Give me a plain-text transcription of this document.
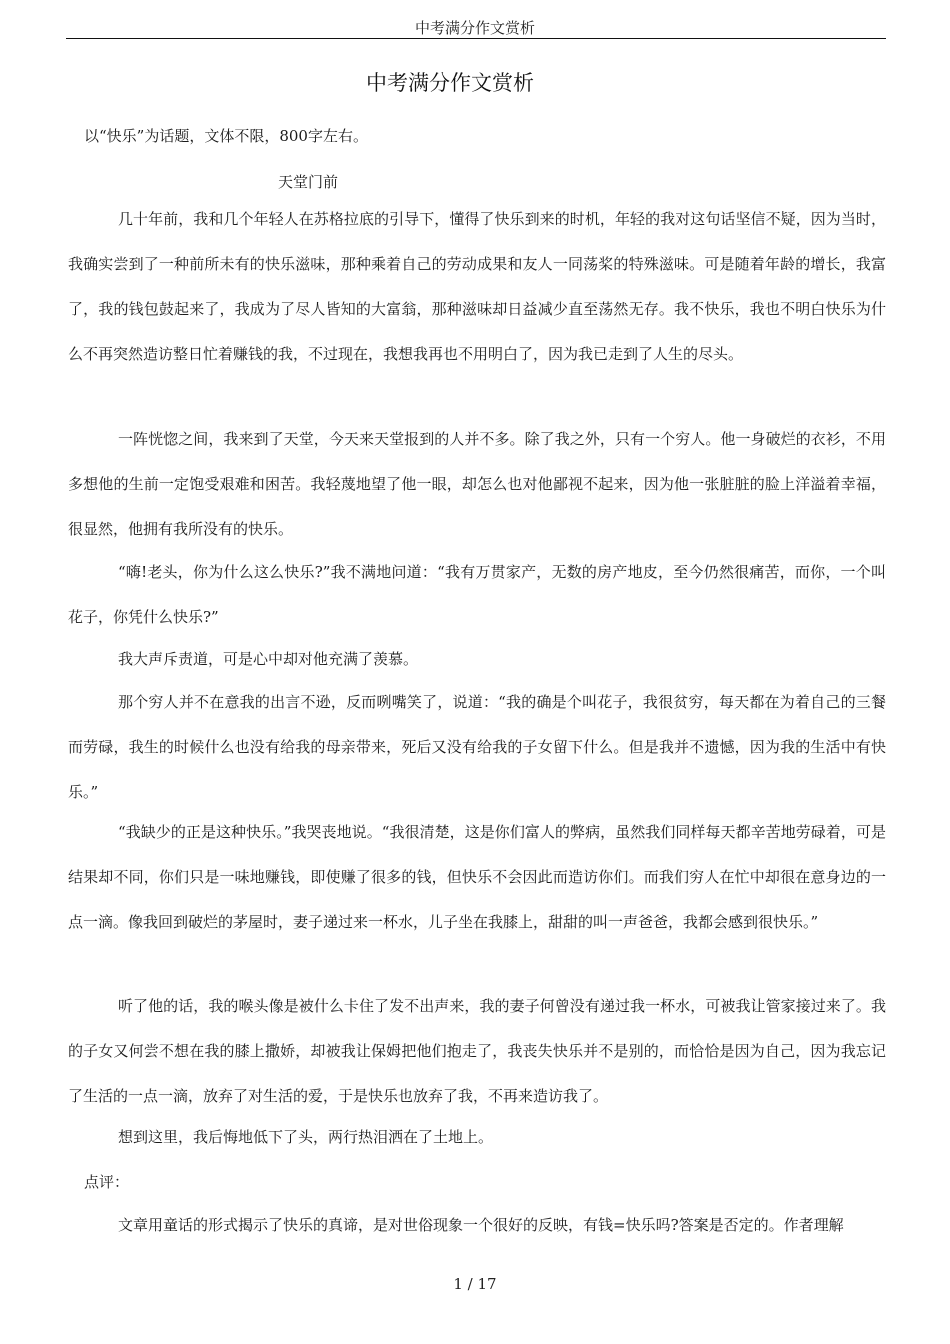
中考满分作文赏析
中考满分作文赏析
以“快乐”为话题，文体不限，800字左右。
天堂门前

几十年前，我和几个年轻人在苏格拉底的引导下，懂得了快乐到来的时机，年轻的我对这句话坚信不疑，因为当时，我确实尝到了一种前所未有的快乐滋味，那种乘着自己的劳动成果和友人一同荡桨的特殊滋味。可是随着年龄的增长，我富了，我的钱包鼓起来了，我成为了尽人皆知的大富翁，那种滋味却日益减少直至荡然无存。我不快乐，我也不明白快乐为什么不再突然造访整日忙着赚钱的我，不过现在，我想我再也不用明白了，因为我已走到了人生的尽头。

一阵恍惚之间，我来到了天堂，今天来天堂报到的人并不多。除了我之外，只有一个穷人。他一身破烂的衣衫，不用多想他的生前一定饱受艰难和困苦。我轻蔑地望了他一眼，却怎么也对他鄙视不起来，因为他一张脏脏的脸上洋溢着幸福，很显然，他拥有我所没有的快乐。

“嗨!老头，你为什么这么快乐?”我不满地问道：“我有万贯家产，无数的房产地皮，至今仍然很痛苦，而你，一个叫花子，你凭什么快乐?”

我大声斥责道，可是心中却对他充满了羡慕。

那个穷人并不在意我的出言不逊，反而咧嘴笑了，说道：“我的确是个叫花子，我很贫穷，每天都在为着自己的三餐而劳碌，我生的时候什么也没有给我的母亲带来，死后又没有给我的子女留下什么。但是我并不遗憾，因为我的生活中有快乐。”

“我缺少的正是这种快乐。”我哭丧地说。“我很清楚，这是你们富人的弊病，虽然我们同样每天都辛苦地劳碌着，可是结果却不同，你们只是一味地赚钱，即使赚了很多的钱，但快乐不会因此而造访你们。而我们穷人在忙中却很在意身边的一点一滴。像我回到破烂的茅屋时，妻子递过来一杯水，儿子坐在我膝上，甜甜的叫一声爸爸，我都会感到很快乐。”

听了他的话，我的喉头像是被什么卡住了发不出声来，我的妻子何曾没有递过我一杯水，可被我让管家接过来了。我的子女又何尝不想在我的膝上撒娇，却被我让保姆把他们抱走了，我丧失快乐并不是别的，而恰恰是因为自己，因为我忘记了生活的一点一滴，放弃了对生活的爱，于是快乐也放弃了我，不再来造访我了。

想到这里，我后悔地低下了头，两行热泪洒在了土地上。

点评：

文章用童话的形式揭示了快乐的真谛，是对世俗现象一个很好的反映，有钱=快乐吗?答案是否定的。作者理解

1 / 17
